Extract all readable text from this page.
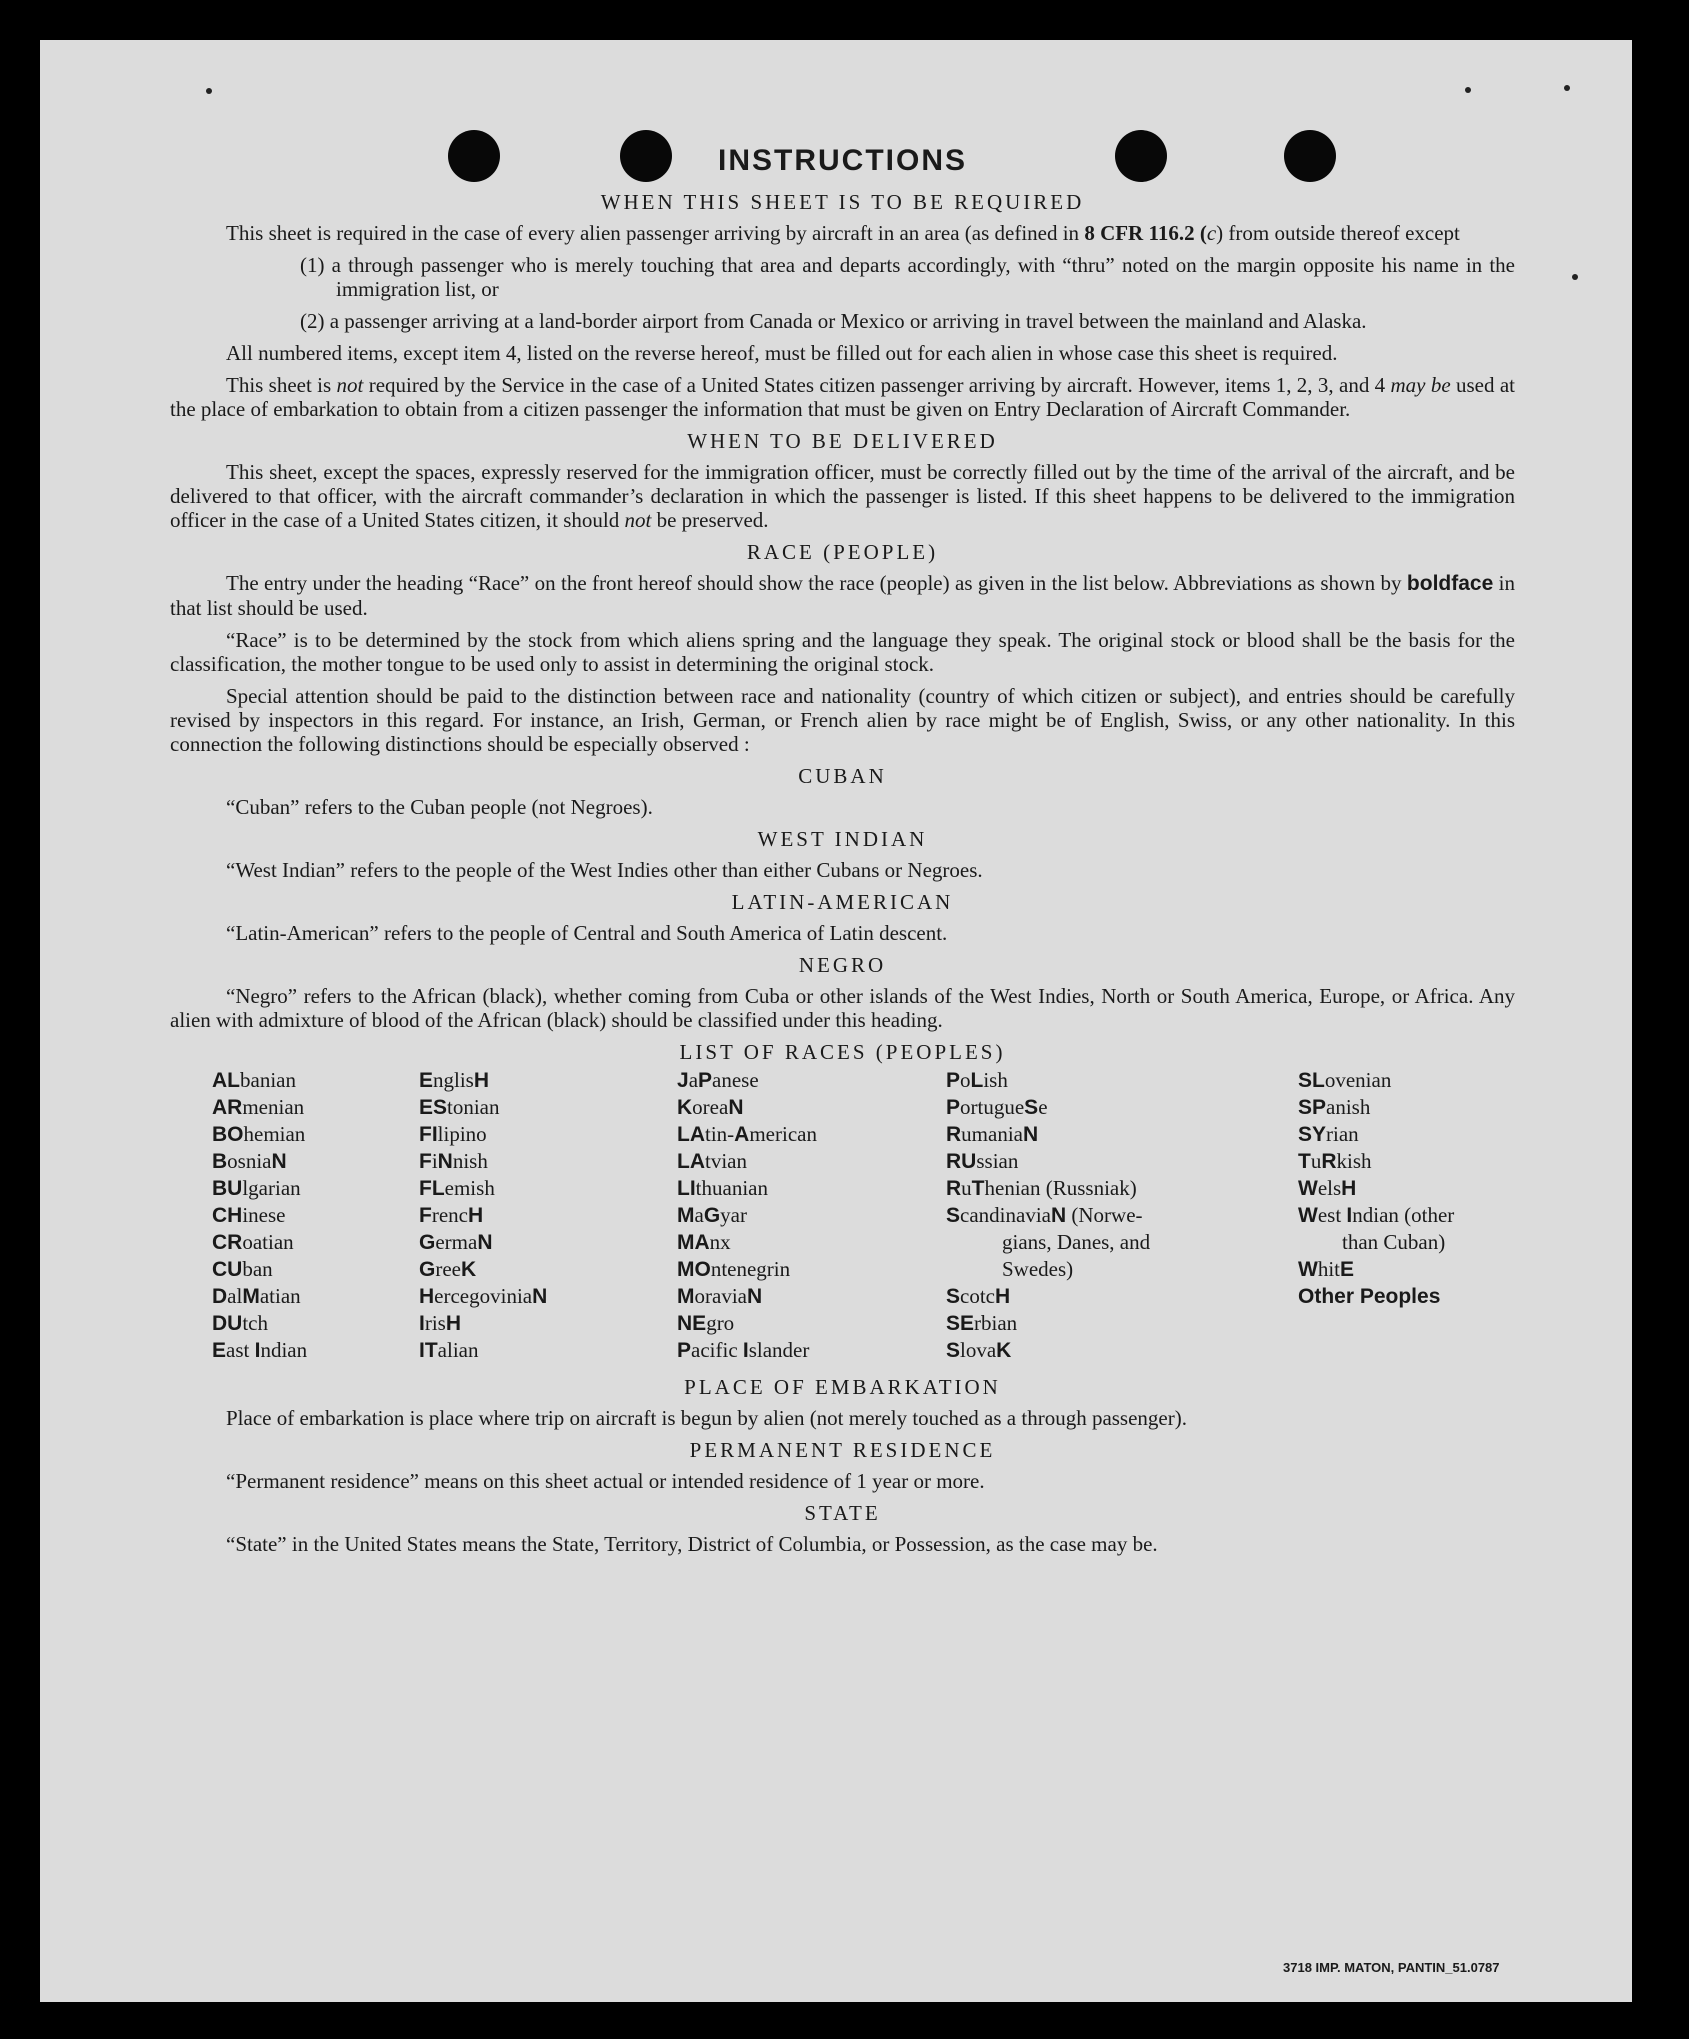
INSTRUCTIONS
WHEN THIS SHEET IS TO BE REQUIRED

This sheet is required in the case of every alien passenger arriving by aircraft in an area (as defined in 8 CFR 116.2 (c) from outside thereof except

(1) a through passenger who is merely touching that area and departs accordingly, with “thru” noted on the margin opposite his name in the immigration list, or

(2) a passenger arriving at a land-border airport from Canada or Mexico or arriving in travel between the mainland and Alaska.

All numbered items, except item 4, listed on the reverse hereof, must be filled out for each alien in whose case this sheet is required.

This sheet is not required by the Service in the case of a United States citizen passenger arriving by aircraft. However, items 1, 2, 3, and 4 may be used at the place of embarkation to obtain from a citizen passenger the information that must be given on Entry Declaration of Aircraft Commander.

WHEN TO BE DELIVERED

This sheet, except the spaces, expressly reserved for the immigration officer, must be correctly filled out by the time of the arrival of the aircraft, and be delivered to that officer, with the aircraft commander’s declaration in which the passenger is listed. If this sheet happens to be delivered to the immigration officer in the case of a United States citizen, it should not be preserved.

RACE (PEOPLE)

The entry under the heading “Race” on the front hereof should show the race (people) as given in the list below. Abbreviations as shown by boldface in that list should be used.

“Race” is to be determined by the stock from which aliens spring and the language they speak. The original stock or blood shall be the basis for the classification, the mother tongue to be used only to assist in determining the original stock.

Special attention should be paid to the distinction between race and nationality (country of which citizen or subject), and entries should be carefully revised by inspectors in this regard. For instance, an Irish, German, or French alien by race might be of English, Swiss, or any other nationality. In this connection the following distinctions should be especially observed :

CUBAN

“Cuban” refers to the Cuban people (not Negroes).

WEST INDIAN

“West Indian” refers to the people of the West Indies other than either Cubans or Negroes.

LATIN-AMERICAN

“Latin-American” refers to the people of Central and South America of Latin descent.

NEGRO

“Negro” refers to the African (black), whether coming from Cuba or other islands of the West Indies, North or South America, Europe, or Africa. Any alien with admixture of blood of the African (black) should be classified under this heading.

LIST OF RACES (PEOPLES)
ALbanian
ARmenian
BOhemian
BosniaN
BUlgarian
CHinese
CRoatian
CUban
DalMatian
DUtch
East Indian
EnglisH
EStonian
FIlipino
FiNnish
FLemish
FrencH
GermaN
GreeK
HercegoviniaN
IrisH
ITalian
JaPanese
KoreaN
LAtin-American
LAtvian
LIthuanian
MaGyar
MAnx
MOntenegrin
MoraviaN
NEgro
Pacific Islander
PoLish
PortugueSe
RumaniaN
RUssian
RuThenian (Russniak)
ScandinaviaN (Norwe-
gians, Danes, and
Swedes)
ScotcH
SErbian
SlovaK
SLovenian
SPanish
SYrian
TuRkish
WelsH
West Indian (other
than Cuban)
WhitE
Other Peoples
PLACE OF EMBARKATION

Place of embarkation is place where trip on aircraft is begun by alien (not merely touched as a through passenger).

PERMANENT RESIDENCE

“Permanent residence” means on this sheet actual or intended residence of 1 year or more.

STATE

“State” in the United States means the State, Territory, District of Columbia, or Possession, as the case may be.

3718 IMP. MATON, PANTIN_51.0787
